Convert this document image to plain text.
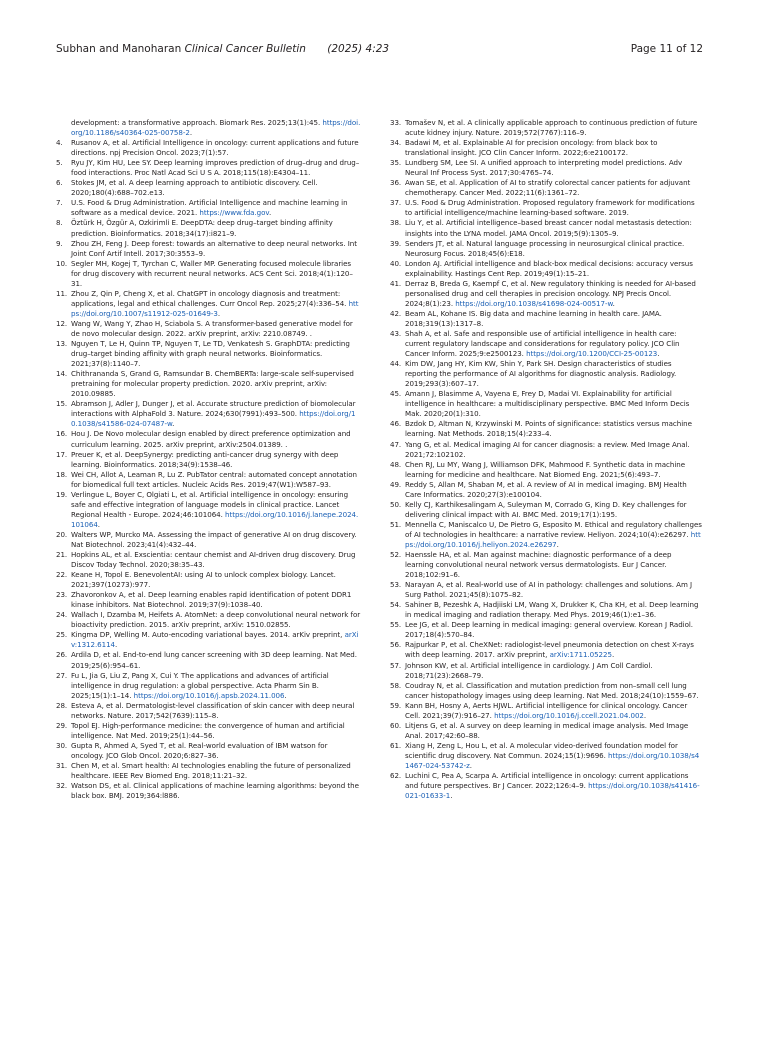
Subhan and Manoharan Clinical Cancer Bulletin (2025) 4:23	Page 11 of 12

development: a transformative approach. Biomark Res. 2025;13(1):45. https://doi.org/10.1186/s40364-025-00758-2.

4. Rusanov A, et al. Artificial Intelligence in oncology: current applications and future directions. npj Precision Oncol. 2023;7(1):57.

5. Ryu JY, Kim HU, Lee SY. Deep learning improves prediction of drug–drug and drug–food interactions. Proc Natl Acad Sci U S A. 2018;115(18):E4304–11.

6. Stokes JM, et al. A deep learning approach to antibiotic discovery. Cell. 2020;180(4):688–702.e13.

7. U.S. Food & Drug Administration. Artificial Intelligence and machine learning in software as a medical device. 2021. https://www.fda.gov.

8. Öztürk H, Özgür A, Ozkirimli E. DeepDTA: deep drug–target binding affinity prediction. Bioinformatics. 2018;34(17):i821–9.

9. Zhou ZH, Feng J. Deep forest: towards an alternative to deep neural networks. Int Joint Conf Artif Intell. 2017;30:3553–9.

10. Segler MH, Kogej T, Tyrchan C, Waller MP. Generating focused molecule libraries for drug discovery with recurrent neural networks. ACS Cent Sci. 2018;4(1):120–31.

11. Zhou Z, Qin P, Cheng X, et al. ChatGPT in oncology diagnosis and treatment: applications, legal and ethical challenges. Curr Oncol Rep. 2025;27(4):336–54. https://doi.org/10.1007/s11912-025-01649-3.

12. Wang W, Wang Y, Zhao H, Sciabola S. A transformer-based generative model for de novo molecular design. 2022. arXiv preprint, arXiv: 2210.08749. .

13. Nguyen T, Le H, Quinn TP, Nguyen T, Le TD, Venkatesh S. GraphDTA: predicting drug–target binding affinity with graph neural networks. Bioinformatics. 2021;37(8):1140–7.

14. Chithrananda S, Grand G, Ramsundar B. ChemBERTa: large-scale self-supervised pretraining for molecular property prediction. 2020. arXiv preprint, arXiv: 2010.09885.

15. Abramson J, Adler J, Dunger J, et al. Accurate structure prediction of biomolecular interactions with AlphaFold 3. Nature. 2024;630(7991):493–500. https://doi.org/10.1038/s41586-024-07487-w.

16. Hou J. De Novo molecular design enabled by direct preference optimization and curriculum learning. 2025. arXiv preprint, arXiv:2504.01389. .

17. Preuer K, et al. DeepSynergy: predicting anti-cancer drug synergy with deep learning. Bioinformatics. 2018;34(9):1538–46.

18. Wei CH, Allot A, Leaman R, Lu Z. PubTator central: automated concept annotation for biomedical full text articles. Nucleic Acids Res. 2019;47(W1):W587–93.

19. Verlingue L, Boyer C, Olgiati L, et al. Artificial intelligence in oncology: ensuring safe and effective integration of language models in clinical practice. Lancet Regional Health - Europe. 2024;46:101064. https://doi.org/10.1016/j.lanepe.2024.101064.

20. Walters WP, Murcko MA. Assessing the impact of generative AI on drug discovery. Nat Biotechnol. 2023;41(4):432–44.

21. Hopkins AL, et al. Exscientia: centaur chemist and AI-driven drug discovery. Drug Discov Today Technol. 2020;38:35–43.

22. Keane H, Topol E. BenevolentAI: using AI to unlock complex biology. Lancet. 2021;397(10273):977.

23. Zhavoronkov A, et al. Deep learning enables rapid identification of potent DDR1 kinase inhibitors. Nat Biotechnol. 2019;37(9):1038–40.

24. Wallach I, Dzamba M, Heifets A. AtomNet: a deep convolutional neural network for bioactivity prediction. 2015. arXiv preprint, arXiv: 1510.02855.

25. Kingma DP, Welling M. Auto-encoding variational bayes. 2014. arKiv preprint, arXiv:1312.6114.

26. Ardila D, et al. End-to-end lung cancer screening with 3D deep learning. Nat Med. 2019;25(6):954–61.

27. Fu L, Jia G, Liu Z, Pang X, Cui Y. The applications and advances of artificial intelligence in drug regulation: a global perspective. Acta Pharm Sin B. 2025;15(1):1–14. https://doi.org/10.1016/j.apsb.2024.11.006.

28. Esteva A, et al. Dermatologist-level classification of skin cancer with deep neural networks. Nature. 2017;542(7639):115–8.

29. Topol EJ. High-performance medicine: the convergence of human and artificial intelligence. Nat Med. 2019;25(1):44–56.

30. Gupta R, Ahmed A, Syed T, et al. Real-world evaluation of IBM watson for oncology. JCO Glob Oncol. 2020;6:827–36.

31. Chen M, et al. Smart health: AI technologies enabling the future of personalized healthcare. IEEE Rev Biomed Eng. 2018;11:21–32.

32. Watson DS, et al. Clinical applications of machine learning algorithms: beyond the black box. BMJ. 2019;364:l886.

33. Tomašev N, et al. A clinically applicable approach to continuous prediction of future acute kidney injury. Nature. 2019;572(7767):116–9.

34. Badawi M, et al. Explainable AI for precision oncology: from black box to translational insight. JCO Clin Cancer Inform. 2022;6:e2100172.

35. Lundberg SM, Lee SI. A unified approach to interpreting model predictions. Adv Neural Inf Process Syst. 2017;30:4765–74.

36. Awan SE, et al. Application of AI to stratify colorectal cancer patients for adjuvant chemotherapy. Cancer Med. 2022;11(6):1361–72.

37. U.S. Food & Drug Administration. Proposed regulatory framework for modifications to artificial intelligence/machine learning-based software. 2019.

38. Liu Y, et al. Artificial intelligence–based breast cancer nodal metastasis detection: insights into the LYNA model. JAMA Oncol. 2019;5(9):1305–9.

39. Senders JT, et al. Natural language processing in neurosurgical clinical practice. Neurosurg Focus. 2018;45(6):E18.

40. London AJ. Artificial intelligence and black-box medical decisions: accuracy versus explainability. Hastings Cent Rep. 2019;49(1):15–21.

41. Derraz B, Breda G, Kaempf C, et al. New regulatory thinking is needed for AI-based personalised drug and cell therapies in precision oncology. NPJ Precis Oncol. 2024;8(1):23. https://doi.org/10.1038/s41698-024-00517-w.

42. Beam AL, Kohane IS. Big data and machine learning in health care. JAMA. 2018;319(13):1317–8.

43. Shah A, et al. Safe and responsible use of artificial intelligence in health care: current regulatory landscape and considerations for regulatory policy. JCO Clin Cancer Inform. 2025;9:e2500123. https://doi.org/10.1200/CCI-25-00123.

44. Kim DW, Jang HY, Kim KW, Shin Y, Park SH. Design characteristics of studies reporting the performance of AI algorithms for diagnostic analysis. Radiology. 2019;293(3):607–17.

45. Amann J, Blasimme A, Vayena E, Frey D, Madai VI. Explainability for artificial intelligence in healthcare: a multidisciplinary perspective. BMC Med Inform Decis Mak. 2020;20(1):310.

46. Bzdok D, Altman N, Krzywinski M. Points of significance: statistics versus machine learning. Nat Methods. 2018;15(4):233–4.

47. Yang G, et al. Medical imaging AI for cancer diagnosis: a review. Med Image Anal. 2021;72:102102.

48. Chen RJ, Lu MY, Wang J, Williamson DFK, Mahmood F. Synthetic data in machine learning for medicine and healthcare. Nat Biomed Eng. 2021;5(6):493–7.

49. Reddy S, Allan M, Shaban M, et al. A review of AI in medical imaging. BMJ Health Care Informatics. 2020;27(3):e100104.

50. Kelly CJ, Karthikesalingam A, Suleyman M, Corrado G, King D. Key challenges for delivering clinical impact with AI. BMC Med. 2019;17(1):195.

51. Mennella C, Maniscalco U, De Pietro G, Esposito M. Ethical and regulatory challenges of AI technologies in healthcare: a narrative review. Heliyon. 2024;10(4):e26297. https://doi.org/10.1016/j.heliyon.2024.e26297.

52. Haenssle HA, et al. Man against machine: diagnostic performance of a deep learning convolutional neural network versus dermatologists. Eur J Cancer. 2018;102:91–6.

53. Narayan A, et al. Real-world use of AI in pathology: challenges and solutions. Am J Surg Pathol. 2021;45(8):1075–82.

54. Sahiner B, Pezeshk A, Hadjiiski LM, Wang X, Drukker K, Cha KH, et al. Deep learning in medical imaging and radiation therapy. Med Phys. 2019;46(1):e1–36.

55. Lee JG, et al. Deep learning in medical imaging: general overview. Korean J Radiol. 2017;18(4):570–84.

56. Rajpurkar P, et al. CheXNet: radiologist-level pneumonia detection on chest X-rays with deep learning. 2017. arXiv preprint, arXiv:1711.05225.

57. Johnson KW, et al. Artificial intelligence in cardiology. J Am Coll Cardiol. 2018;71(23):2668–79.

58. Coudray N, et al. Classification and mutation prediction from non–small cell lung cancer histopathology images using deep learning. Nat Med. 2018;24(10):1559–67.

59. Kann BH, Hosny A, Aerts HJWL. Artificial intelligence for clinical oncology. Cancer Cell. 2021;39(7):916–27. https://doi.org/10.1016/j.ccell.2021.04.002.

60. Litjens G, et al. A survey on deep learning in medical image analysis. Med Image Anal. 2017;42:60–88.

61. Xiang H, Zeng L, Hou L, et al. A molecular video-derived foundation model for scientific drug discovery. Nat Commun. 2024;15(1):9696. https://doi.org/10.1038/s41467-024-53742-z.

62. Luchini C, Pea A, Scarpa A. Artificial intelligence in oncology: current applications and future perspectives. Br J Cancer. 2022;126:4–9. https://doi.org/10.1038/s41416-021-01633-1.
